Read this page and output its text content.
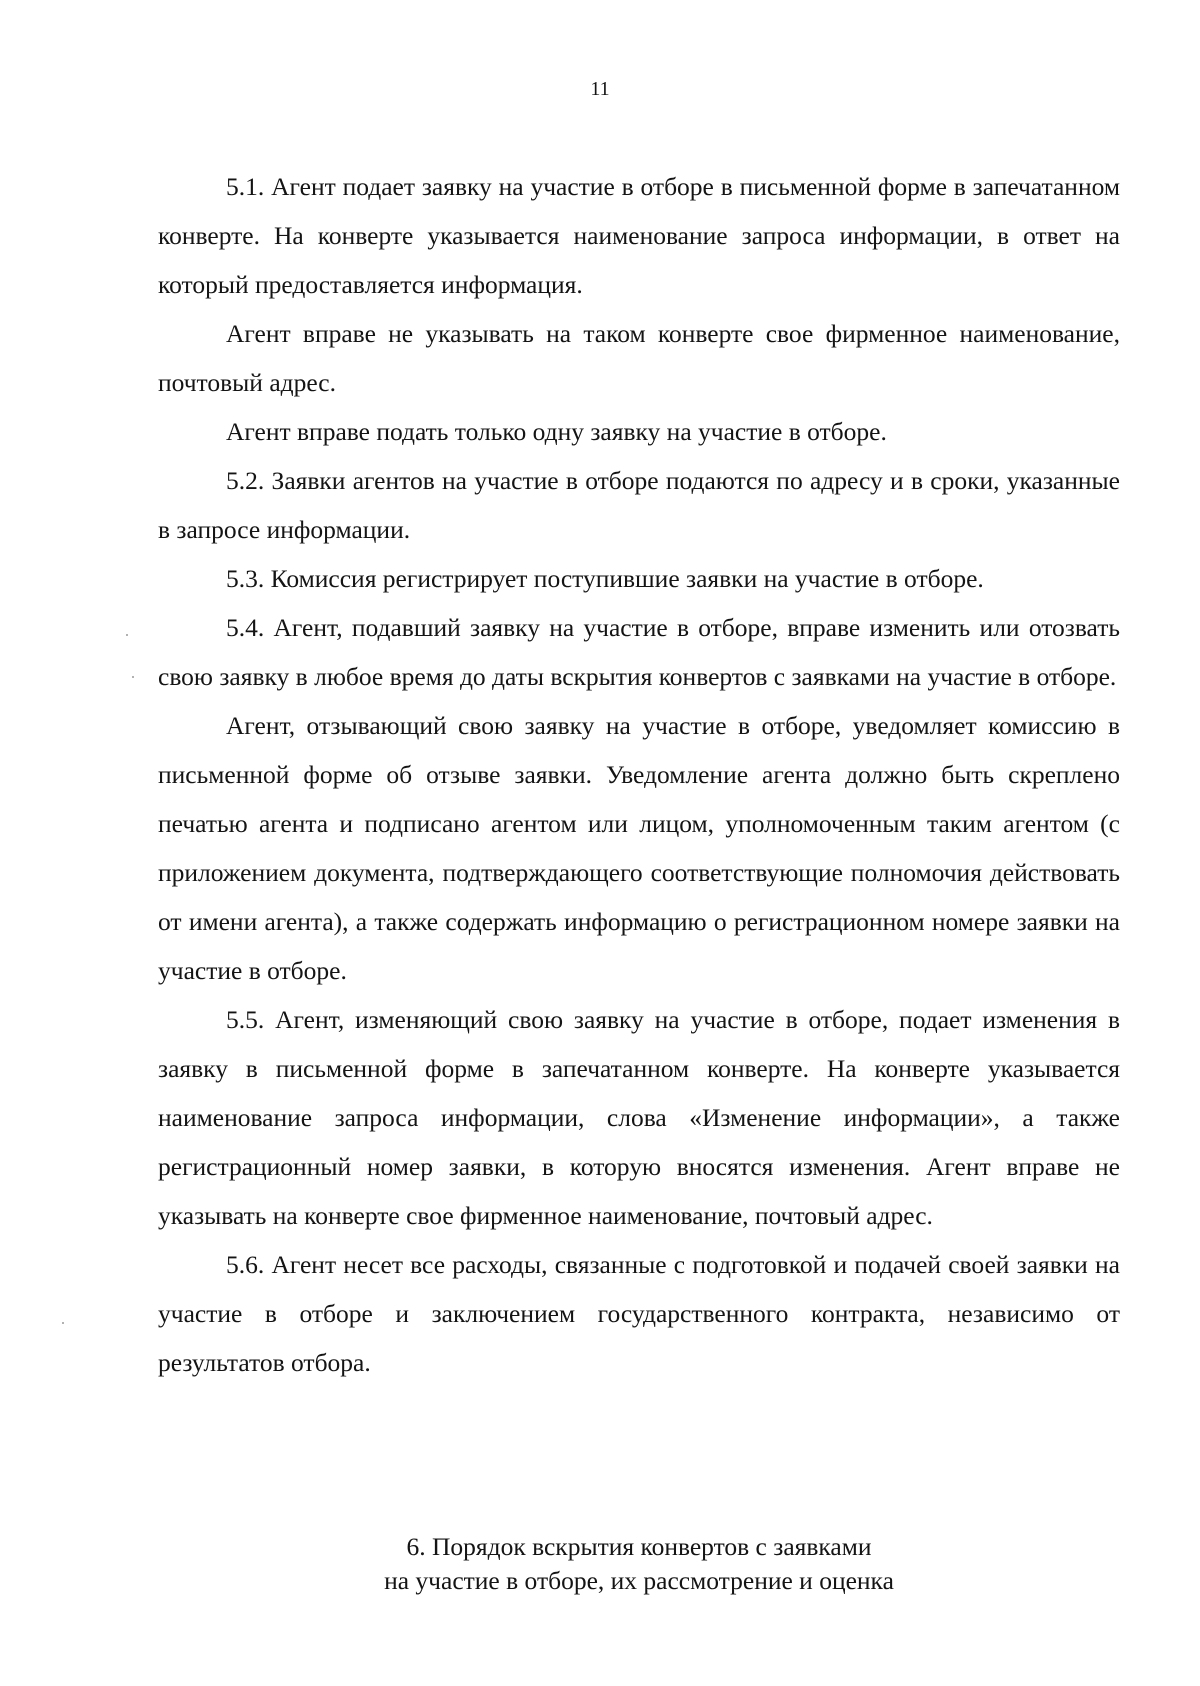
11

5.1. Агент подает заявку на участие в отборе в письменной форме в запечатанном конверте. На конверте указывается наименование запроса информации, в ответ на который предоставляется информация.

Агент вправе не указывать на таком конверте свое фирменное наименование, почтовый адрес.

Агент вправе подать только одну заявку на участие в отборе.

5.2. Заявки агентов на участие в отборе подаются по адресу и в сроки, указанные в запросе информации.

5.3. Комиссия регистрирует поступившие заявки на участие в отборе.

5.4. Агент, подавший заявку на участие в отборе, вправе изменить или отозвать свою заявку в любое время до даты вскрытия конвертов с заявками на участие в отборе.

Агент, отзывающий свою заявку на участие в отборе, уведомляет комиссию в письменной форме об отзыве заявки. Уведомление агента должно быть скреплено печатью агента и подписано агентом или лицом, уполномоченным таким агентом (с приложением документа, подтверждающего соответствующие полномочия действовать от имени агента), а также содержать информацию о регистрационном номере заявки на участие в отборе.

5.5. Агент, изменяющий свою заявку на участие в отборе, подает изменения в заявку в письменной форме в запечатанном конверте. На конверте указывается наименование запроса информации, слова «Изменение информации», а также регистрационный номер заявки, в которую вносятся изменения. Агент вправе не указывать на конверте свое фирменное наименование, почтовый адрес.

5.6. Агент несет все расходы, связанные с подготовкой и подачей своей заявки на участие в отборе и заключением государственного контракта, независимо от результатов отбора.

6. Порядок вскрытия конвертов с заявками
на участие в отборе, их рассмотрение и оценка
